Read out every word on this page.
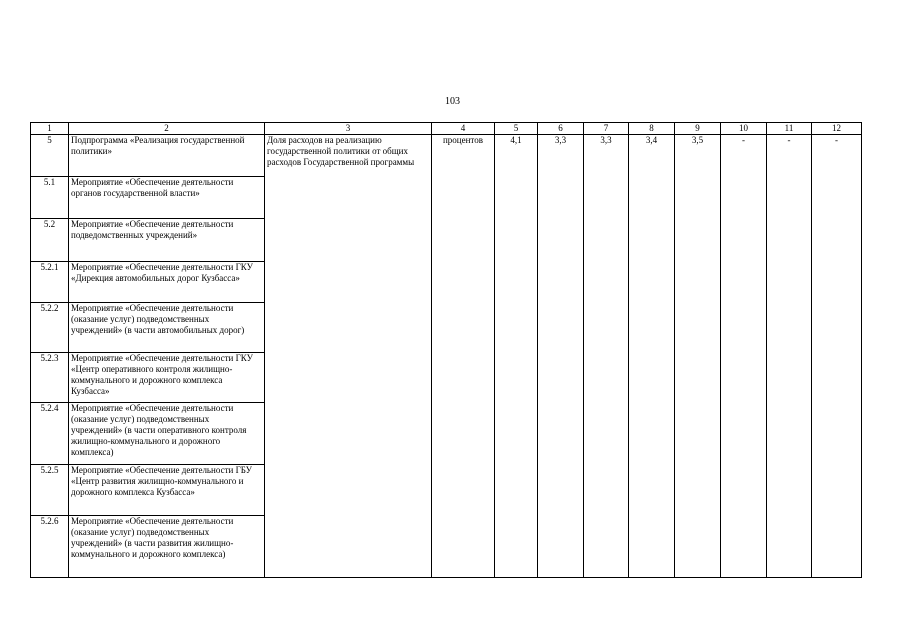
103
1	2	3	4	5	6	7	8	9	10	11	12
5	Подпрограмма «Реализация государственной политики»	Доля расходов на реализацию государственной политики от общих расходов Государственной программы	процентов	4,1	3,3	3,3	3,4	3,5	-	-	-
5.1	Мероприятие «Обеспечение деятельности органов государственной власти»										
5.2	Мероприятие «Обеспечение деятельности подведомственных учреждений»										
5.2.1	Мероприятие «Обеспечение деятельности ГКУ «Дирекция автомобильных дорог Кузбасса»										
5.2.2	Мероприятие «Обеспечение деятельности (оказание услуг) подведомственных учреждений» (в части автомобильных дорог)										
5.2.3	Мероприятие «Обеспечение деятельности ГКУ «Центр оперативного контроля жилищно-коммунального и дорожного комплекса Кузбасса»										
5.2.4	Мероприятие «Обеспечение деятельности (оказание услуг) подведомственных учреждений» (в части оперативного контроля жилищно-коммунального и дорожного комплекса)										
5.2.5	Мероприятие «Обеспечение деятельности ГБУ «Центр развития жилищно-коммунального и дорожного комплекса Кузбасса»										
5.2.6	Мероприятие «Обеспечение деятельности (оказание услуг) подведомственных учреждений» (в части развития жилищно-коммунального и дорожного комплекса)										
